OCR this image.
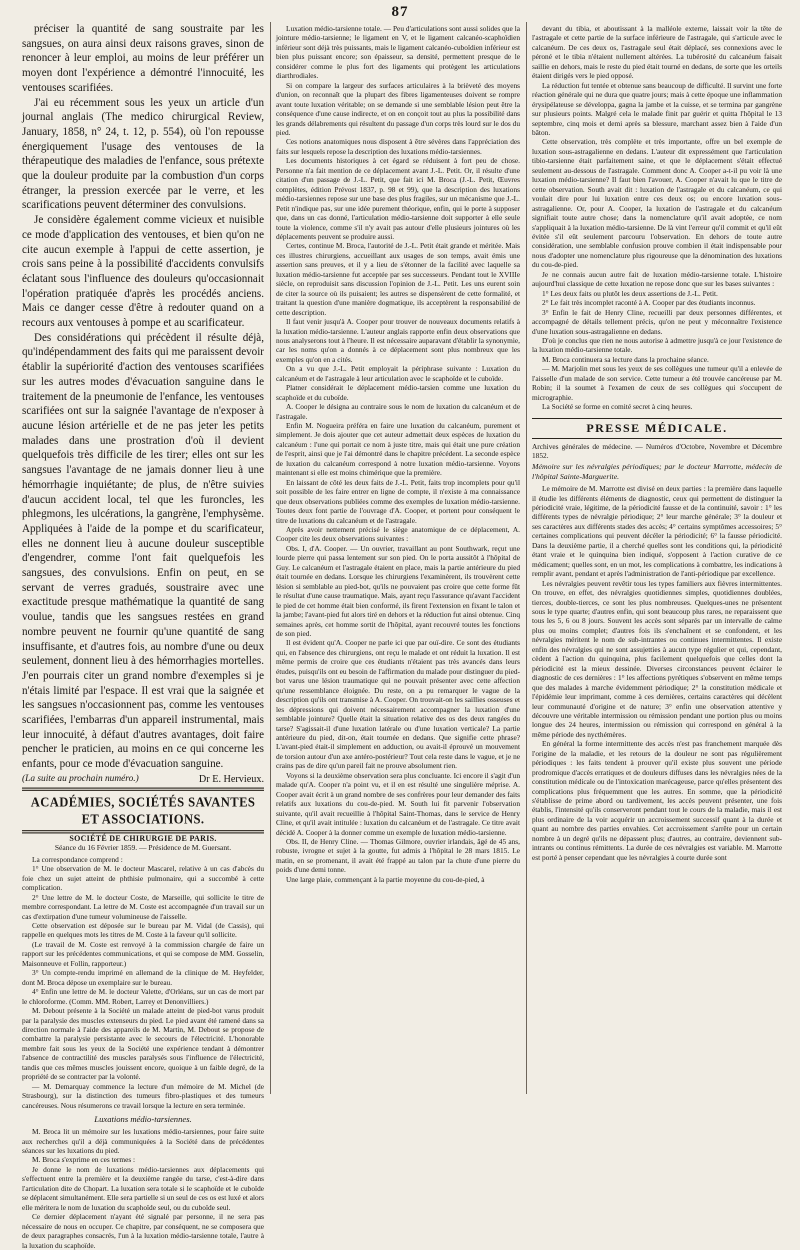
87

préciser la quantité de sang soustraite par les sangsues, on aura ainsi deux raisons graves, sinon de renoncer à leur emploi, au moins de leur préférer un moyen dont l'expérience a démontré l'innocuité, les ventouses scarifiées.

J'ai eu récemment sous les yeux un article d'un journal anglais (The medico chirurgical Review, January, 1858, n° 24, t. 12, p. 554), où l'on repousse énergiquement l'usage des ventouses de la thérapeutique des maladies de l'enfance, sous prétexte que la douleur produite par la combustion d'un corps étranger, la pression exercée par le verre, et les scarifications peuvent déterminer des convulsions.

Je considère également comme vicieux et nuisible ce mode d'application des ventouses, et bien qu'on ne cite aucun exemple à l'appui de cette assertion, je crois sans peine à la possibilité d'accidents convulsifs éclatant sous l'influence des douleurs qu'occasionnait l'opération pratiquée d'après les procédés anciens. Mais ce danger cesse d'être à redouter quand on a recours aux ventouses à pompe et au scarificateur.

Des considérations qui précèdent il résulte déjà, qu'indépendamment des faits qui me paraissent devoir établir la supériorité d'action des ventouses scarifiées sur les autres modes d'évacuation sanguine dans le traitement de la pneumonie de l'enfance, les ventouses scarifiées ont sur la saignée l'avantage de n'exposer à aucune lésion artérielle et de ne pas jeter les petits malades dans une prostration d'où il devient quelquefois très difficile de les tirer; elles ont sur les sangsues l'avantage de ne jamais donner lieu à une hémorrhagie inquiétante; de plus, de n'être suivies d'aucun accident local, tel que les furoncles, les phlegmons, les ulcérations, la gangrène, l'emphysème. Appliquées à l'aide de la pompe et du scarificateur, elles ne donnent lieu à aucune douleur susceptible d'engendrer, comme l'ont fait quelquefois les sangsues, des convulsions. Enfin on peut, en se servant de verres gradués, soustraire avec une exactitude presque mathématique la quantité de sang voulue, tandis que les sangsues restées en grand nombre peuvent ne fournir qu'une quantité de sang insuffisante, et d'autres fois, au nombre d'une ou deux seulement, donnent lieu à des hémorrhagies mortelles. J'en pourrais citer un grand nombre d'exemples si je n'étais limité par l'espace. Il est vrai que la saignée et les sangsues n'occasionnent pas, comme les ventouses scarifiées, l'embarras d'un appareil instrumental, mais leur innocuité, à défaut d'autres avantages, doit faire pencher le praticien, au moins en ce qui concerne les enfants, pour ce mode d'évacuation sanguine.

(La suite au prochain numéro.)	Dr E. Hervieux.
ACADÉMIES, SOCIÉTÉS SAVANTES ET ASSOCIATIONS.
SOCIÉTÉ DE CHIRURGIE DE PARIS.
Séance du 16 Février 1859. — Présidence de M. Guersant.

La correspondance comprend :

1° Une observation de M. le docteur Mascarel, relative à un cas d'abcès du foie chez un sujet atteint de phthisie pulmonaire, qui a succombé à cette complication.

2° Une lettre de M. le docteur Coste, de Marseille, qui sollicite le titre de membre correspondant. La lettre de M. Coste est accompagnée d'un travail sur un cas d'extirpation d'une tumeur volumineuse de l'aisselle.

Cette observation est déposée sur le bureau par M. Vidal (de Cassis), qui rappelle en quelques mots les titres de M. Coste à la faveur qu'il sollicite.

(Le travail de M. Coste est renvoyé à la commission chargée de faire un rapport sur les précédentes communications, et qui se compose de MM. Gosselin, Maisonneuve et Follin, rapporteur.)

3° Un compte-rendu imprimé en allemand de la clinique de M. Heyfelder, dont M. Broca dépose un exemplaire sur le bureau.

4° Enfin une lettre de M. le docteur Valette, d'Orléans, sur un cas de mort par le chloroforme. (Comm. MM. Robert, Larrey et Denonvilliers.)

M. Debout présente à la Société un malade atteint de pied-bot varus produit par la paralysie des muscles extenseurs du pied. Le pied avant été ramené dans sa direction normale à l'aide des appareils de M. Martin, M. Debout se propose de combattre la paralysie persistante avec le secours de l'électricité. L'honorable membre fait sous les yeux de la Société une expérience tendant à démontrer l'absence de contractilité des muscles paralysés sous l'influence de l'électricité, tandis que ces mêmes muscles jouissent encore, quoique à un faible degré, de la propriété de se contracter par la volonté.

— M. Demarquay commence la lecture d'un mémoire de M. Michel (de Strasbourg), sur la distinction des tumeurs fibro-plastiques et des tumeurs cancéreuses. Nous résumerons ce travail lorsque la lecture en sera terminée.

Luxations médio-tarsiennes.

M. Broca lit un mémoire sur les luxations médio-tarsiennes, pour faire suite aux recherches qu'il a déjà communiquées à la Société dans de précédentes séances sur les luxations du pied.

M. Broca s'exprime en ces termes :

Je donne le nom de luxations médio-tarsiennes aux déplacements qui s'effectuent entre la première et la deuxième rangée du tarse, c'est-à-dire dans l'articulation dite de Chopart. La luxation sera totale si le scaphoïde et le cuboïde se déplacent simultanément. Elle sera partielle si un seul de ces os est luxé et alors elle méritera le nom de luxation du scaphoïde seul, ou du cuboïde seul.

Ce dernier déplacement n'ayant été signalé par personne, il ne sera pas nécessaire de nous en occuper. Ce chapitre, par conséquent, ne se composera que de deux paragraphes consacrés, l'un à la luxation médio-tarsienne totale, l'autre à la luxation du scaphoïde.

Luxation médio-tarsienne totale. — Peu d'articulations sont aussi solides que la jointure médio-tarsienne; le ligament en V, et le ligament calcanéo-scaphoïdien inférieur sont déjà très puissants, mais le ligament calcanéo-cuboïdien inférieur est bien plus puissant encore; son épaisseur, sa densité, permettent presque de le considérer comme le plus fort des ligaments qui protègent les articulations diarthrodiales.

Si on compare la largeur des surfaces articulaires à la brièveté des moyens d'union, on reconnaît que la plupart des fibres ligamenteuses doivent se rompre avant toute luxation véritable; on se demande si une semblable lésion peut être la conséquence d'une cause indirecte, et on en conçoit tout au plus la possibilité dans les grands délabrements qui résultent du passage d'un corps très lourd sur le dos du pied.

Ces notions anatomiques nous disposent à être sévères dans l'appréciation des faits sur lesquels repose la description des luxations médio-tarsiennes.

Les documents historiques à cet égard se réduisent à fort peu de chose. Personne n'a fait mention de ce déplacement avant J.-L. Petit. Or, il résulte d'une citation d'un passage de J.-L. Petit, que fait ici M. Broca (J.-L. Petit, Œuvres complètes, édition Prévost 1837, p. 98 et 99), que la description des luxations médio-tarsiennes repose sur une base des plus fragiles, sur un mécanisme que J.-L. Petit n'indique pas, sur une idée purement théorique, enfin, qui le porte à supposer que, dans un cas donné, l'articulation médio-tarsienne doit supporter à elle seule toute la violence, comme s'il n'y avait pas autour d'elle plusieurs jointures où les déplacements peuvent se produire aussi.

Certes, continue M. Broca, l'autorité de J.-L. Petit était grande et méritée. Mais ces illustres chirurgiens, accueillant aux usages de son temps, avait émis une assertion sans preuves, et il y a lieu de s'étonner de la facilité avec laquelle sa luxation médio-tarsienne fut acceptée par ses successeurs. Pendant tout le XVIIIe siècle, on reproduisit sans discussion l'opinion de J.-L. Petit. Les uns eurent soin de citer la source où ils puisaient; les autres se dispensèrent de cette formalité, et traitant la question d'une manière dogmatique, ils acceptèrent la responsabilité de cette description.

Il faut venir jusqu'à A. Cooper pour trouver de nouveaux documents relatifs à la luxation médio-tarsienne. L'auteur anglais rapporte enfin deux observations que nous analyserons tout à l'heure. Il est nécessaire auparavant d'établir la synonymie, car les noms qu'on a donnés à ce déplacement sont plus nombreux que les exemples qu'on en a cités.

On a vu que J.-L. Petit employait la périphrase suivante : Luxation du calcanéum et de l'astragale à leur articulation avec le scaphoïde et le cuboïde.

Platner considérait le déplacement médio-tarsien comme une luxation du scaphoïde et du cuboïde.

A. Cooper le désigna au contraire sous le nom de luxation du calcanéum et de l'astragale.

Enfin M. Nogueira préféra en faire une luxation du calcanéum, purement et simplement. Je dois ajouter que cet auteur admettait deux espèces de luxation du calcanéum : l'une qui portait ce nom à juste titre, mais qui était une pure création de l'esprit, ainsi que je l'ai démontré dans le chapitre précédent. La seconde espèce de luxation du calcanéum correspond à notre luxation médio-tarsienne. Voyons maintenant si elle est moins chimérique que la première.

En laissant de côté les deux faits de J.-L. Petit, faits trop incomplets pour qu'il soit possible de les faire entrer en ligne de compte, il n'existe à ma connaissance que deux observations publiées comme des exemples de luxation médio-tarsienne. Toutes deux font partie de l'ouvrage d'A. Cooper, et portent pour conséquent le titre de luxations du calcanéum et de l'astragale.

Après avoir nettement précisé le siège anatomique de ce déplacement, A. Cooper cite les deux observations suivantes :

Obs. I, d'A. Cooper. — Un ouvrier, travaillant au pont Southwark, reçut une lourde pierre qui passa lentement sur son pied. On le porta aussitôt à l'hôpital de Guy. Le calcanéum et l'astragale étaient en place, mais la partie antérieure du pied était tournée en dedans. Lorsque les chirurgiens l'examinèrent, ils trouvèrent cette lésion si semblable au pied-bot, qu'ils ne pouvaient pas croire que cette forme fût le résultat d'une cause traumatique. Mais, ayant reçu l'assurance qu'avant l'accident le pied de cet homme était bien conformé, ils firent l'extension en fixant le talon et la jambe; l'avant-pied fut alors tiré en dehors et la réduction fut ainsi obtenue. Cinq semaines après, cet homme sortit de l'hôpital, ayant recouvré toutes les fonctions de son pied.

Il est évident qu'A. Cooper ne parle ici que par ouï-dire. Ce sont des étudiants qui, en l'absence des chirurgiens, ont reçu le malade et ont réduit la luxation. Il est même permis de croire que ces étudiants n'étaient pas très avancés dans leurs études, puisqu'ils ont eu besoin de l'affirmation du malade pour distinguer du pied-bot varus une lésion traumatique qui ne pouvait présenter avec cette affection qu'une ressemblance éloignée. Du reste, on a pu remarquer le vague de la description qu'ils ont transmise à A. Cooper. On trouvait-on les saillies osseuses et les dépressions qui doivent nécessairement accompagner la luxation d'une semblable jointure? Quelle était la situation relative des os des deux rangées du tarse? S'agissait-il d'une luxation latérale ou d'une luxation verticale? La partie antérieure du pied, dit-on, était tournée en dedans. Que signifie cette phrase? L'avant-pied était-il simplement en adduction, ou avait-il éprouvé un mouvement de torsion autour d'un axe antéro-postérieur? Tout cela reste dans le vague, et je ne crains pas de dire qu'un pareil fait ne prouve absolument rien.

Voyons si la deuxième observation sera plus concluante. Ici encore il s'agit d'un malade qu'A. Cooper n'a point vu, et il en est résulté une singulière méprise. A. Cooper avait écrit à un grand nombre de ses confrères pour leur demander des faits relatifs aux luxations du cou-de-pied. M. South lui fit parvenir l'observation suivante, qu'il avait recueillie à l'hôpital Saint-Thomas, dans le service de Henry Cline, et qu'il avait intitulée : luxation du calcanéum et de l'astragale. Ce titre avait décidé A. Cooper à la donner comme un exemple de luxation médio-tarsienne.

Obs. II, de Henry Cline. — Thomas Gilmore, ouvrier irlandais, âgé de 45 ans, robuste, ivrogne et sujet à la goutte, fut admis à l'hôpital le 28 mars 1815. Le matin, en se promenant, il avait été frappé au talon par la chute d'une pierre du poids d'une demi tonne.

Une large plaie, commençant à la partie moyenne du cou-de-pied, à

devant du tibia, et aboutissant à la malléole externe, laissait voir la tête de l'astragale et cette partie de la surface inférieure de l'astragale, qui s'articule avec le calcanéum. De ces deux os, l'astragale seul était déplacé, ses connexions avec le péroné et le tibia n'étaient nullement altérées. La tubérosité du calcanéum faisait saillie en dehors, mais le reste du pied était tourné en dedans, de sorte que les orteils étaient dirigés vers le pied opposé.

La réduction fut tentée et obtenue sans beaucoup de difficulté. Il survint une forte réaction générale qui ne dura que quatre jours; mais à cette époque une inflammation érysipélateuse se développa, gagna la jambe et la cuisse, et se termina par gangrène sur plusieurs points. Malgré cela le malade finit par guérir et quitta l'hôpital le 13 septembre, cinq mois et demi après sa blessure, marchant assez bien à l'aide d'un bâton.

Cette observation, très complète et très importante, offre un bel exemple de luxation sous-astragalienne en dedans. L'auteur dit expressément que l'articulation tibio-tarsienne était parfaitement saine, et que le déplacement s'était effectué seulement au-dessous de l'astragale. Comment donc A. Cooper a-t-il pu voir là une luxation médio-tarsienne? Il faut bien l'avouer, A. Cooper n'avait lu que le titre de cette observation. South avait dit : luxation de l'astragale et du calcanéum, ce qui voulait dire pour lui luxation entre ces deux os; ou encore luxation sous-astragalienne. Or, pour A. Cooper, la luxation de l'astragale et du calcanéum signifiait toute autre chose; dans la nomenclature qu'il avait adoptée, ce nom s'appliquait à la luxation médio-tarsienne. De là vint l'erreur qu'il commit et qu'il eût évitée s'il eût seulement parcouru l'observation. En dehors de toute autre considération, une semblable confusion prouve combien il était indispensable pour nous d'adopter une nomenclature plus rigoureuse que la dénomination des luxations du cou-de-pied.

Je ne connais aucun autre fait de luxation médio-tarsienne totale. L'histoire aujourd'hui classique de cette luxation ne repose donc que sur les bases suivantes :

1° Les deux faits ou plutôt les deux assertions de J.-L. Petit.

2° Le fait très incomplet raconté à A. Cooper par des étudiants inconnus.

3° Enfin le fait de Henry Cline, recueilli par deux personnes différentes, et accompagné de détails tellement précis, qu'on ne peut y méconnaître l'existence d'une luxation sous-astragalienne en dedans.

D'où je conclus que rien ne nous autorise à admettre jusqu'à ce jour l'existence de la luxation médio-tarsienne totale.

M. Broca continuera sa lecture dans la prochaine séance.

— M. Marjolin met sous les yeux de ses collègues une tumeur qu'il a enlevée de l'aisselle d'un malade de son service. Cette tumeur a été trouvée cancéreuse par M. Robin; il la soumet à l'examen de ceux de ses collègues qui s'occupent de micrographie.

La Société se forme en comité secret à cinq heures.

PRESSE MÉDICALE.
Archives générales de médecine. — Numéros d'Octobre, Novembre et Décembre 1852.
Mémoire sur les névralgies périodiques; par le docteur Marrotte, médecin de l'hôpital Sainte-Marguerite.

Le mémoire de M. Marrotte est divisé en deux parties : la première dans laquelle il étudie les différents éléments de diagnostic, ceux qui permettent de distinguer la périodicité vraie, légitime, de la périodicité fausse et de la continuité, savoir : 1° les différents types de névralgie périodique; 2° leur marche générale; 3° la douleur et ses caractères aux différents stades des accès; 4° certains symptômes accessoires; 5° certaines complications qui peuvent décéler la périodicité; 6° la fausse périodicité. Dans la deuxième partie, il a cherché quelles sont les conditions qui, la périodicité étant vraie et le quinquina bien indiqué, s'opposent à l'action curative de ce médicament; quelles sont, en un mot, les complications à combattre, les indications à remplir avant, pendant et après l'administration de l'anti-périodique par excellence.

Les névralgies peuvent revêtir tous les types familiers aux fièvres intermittentes. On trouve, en effet, des névralgies quotidiennes simples, quotidiennes doublées, tierces, double-tierces, ce sont les plus nombreuses. Quelques-unes ne présentent sous le type quarte; d'autres enfin, qui sont beaucoup plus rares, ne reparaissent que tous les 5, 6 ou 8 jours. Souvent les accès sont séparés par un intervalle de calme plus ou moins complet; d'autres fois ils s'enchaînent et se confondent, et les névralgies méritent le nom de sub-intrantes ou continues intermittentes. Il existe enfin des névralgies qui ne sont assujetties à aucun type régulier et qui, cependant, cèdent à l'action du quinquina, plus facilement quelquefois que celles dont la périodicité est la mieux dessinée. Diverses circonstances peuvent éclairer le diagnostic de ces dernières : 1° les affections pyrétiques s'observent en même temps que des malades à marche évidemment périodique; 2° la constitution médicale et l'épidémie leur imprimant, comme à ces dernières, certains caractères qui décèlent leur communauté d'origine et de nature; 3° enfin une observation attentive y découvre une véritable intermission ou rémission pendant une portion plus ou moins longue des 24 heures, intermission ou rémission qui correspond en général à la même période des nycthémères.

En général la forme intermittente des accès n'est pas franchement marquée dès l'origine de la maladie, et les retours de la douleur ne sont pas régulièrement périodiques : les faits tendent à prouver qu'il existe plus souvent une période prodromique d'accès erratiques et de douleurs diffuses dans les névralgies nées de la constitution médicale ou de l'intoxication marécageuse, parce qu'elles présentent des complications plus fréquemment que les autres. En somme, que la périodicité s'établisse de prime abord ou tardivement, les accès peuvent présenter, une fois établis, l'intensité qu'ils conserveront pendant tout le cours de la maladie, mais il est plus ordinaire de la voir acquérir un accroissement successif quant à la durée et quant au nombre des parties envahies. Cet accroissement s'arrête pour un certain nombre à un degré qu'ils ne dépassent plus; d'autres, au contraire, deviennent sub-intrants ou continus rémittents. La durée de ces névralgies est variable. M. Marrotte est porté à penser cependant que les névralgies à courte durée sont
